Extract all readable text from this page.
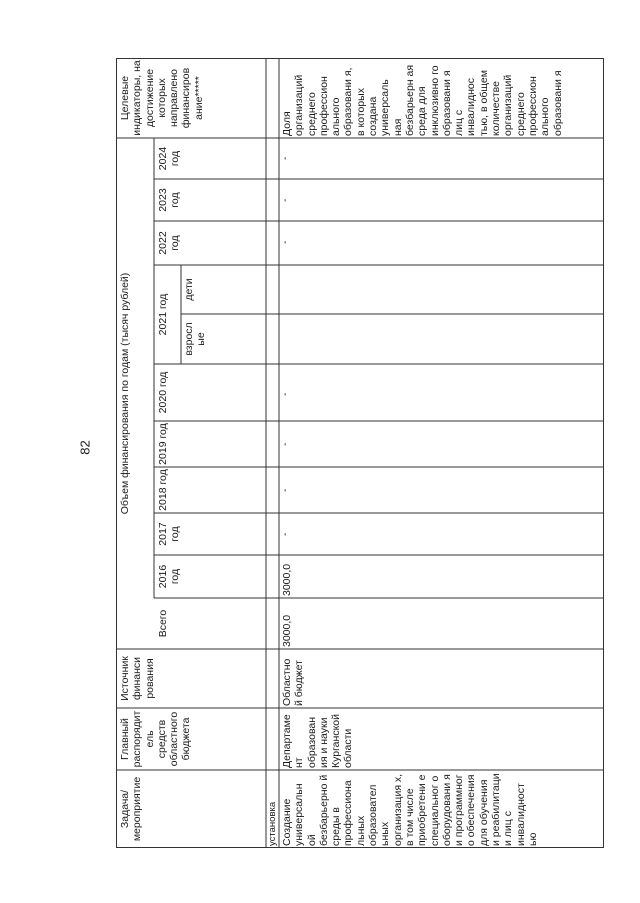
82
Задача/ мероприятие
Главный распорядит ель средств областного бюджета
Источник финанси рования
Объем финансирования по годам (тысяч рублей)
Всего
2016 год
2017 год
2018 год
2019 год
2020 год
2021 год
взросл ые
дети
2022 год
2023 год
2024 год
Целевые индикаторы, на достижение которых направлено финансиров ание*****
установка Создание универсальн ой безбарьерно й среды в профессиона льных образовател ьных организация х, в том числе приобретени е специальног о оборудовани я и программног о обеспечения для обучения и реабилитаци и лиц с инвалидност ью
Департаме нт образован ия и науки Курганской области
Областно й бюджет
3000,0
3000,0
-
-
-
-
-
-
-
Доля организаций среднего профессион ального образовани я, в которых создана универсаль ная безбарьерн ая среда для инклюзивно го образовани я лиц с инвалиднос тью, в общем количестве организаций среднего профессион ального образовани я
